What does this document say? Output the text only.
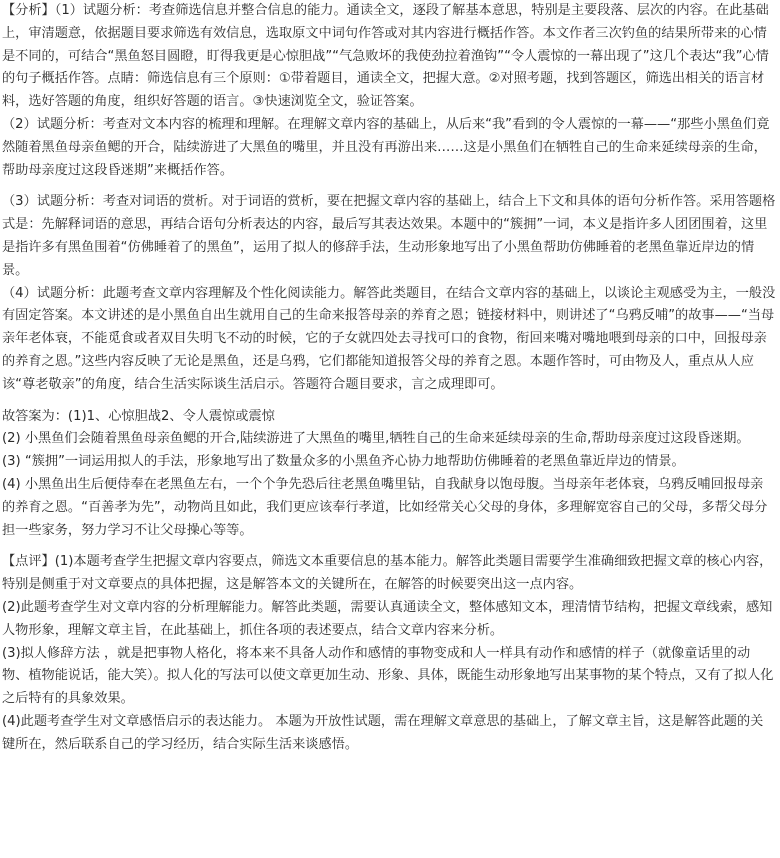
【分析】（1）试题分析：考查筛选信息并整合信息的能力。通读全文，逐段了解基本意思，特别是主要段落、层次的内容。在此基础上，审清题意，依据题目要求筛选有效信息，选取原文中词句作答或对其内容进行概括作答。本文作者三次钓鱼的结果所带来的心情是不同的，可结合“黑鱼怒目圆瞪，盯得我更是心惊胆战”“气急败坏的我使劲拉着渔钩”“令人震惊的一幕出现了”这几个表达“我”心情的句子概括作答。点睛：筛选信息有三个原则：①带着题目，通读全文，把握大意。②对照考题，找到答题区，筛选出相关的语言材料，选好答题的角度，组织好答题的语言。③快速浏览全文，验证答案。

（2）试题分析：考查对文本内容的梳理和理解。在理解文章内容的基础上，从后来“我”看到的令人震惊的一幕——“那些小黑鱼们竟然随着黑鱼母亲鱼鳃的开合，陆续游进了大黑鱼的嘴里，并且没有再游出来……这是小黑鱼们在牺牲自己的生命来延续母亲的生命，帮助母亲度过这段昏迷期”来概括作答。

（3）试题分析：考查对词语的赏析。对于词语的赏析，要在把握文章内容的基础上，结合上下文和具体的语句分析作答。采用答题格式是：先解释词语的意思，再结合语句分析表达的内容，最后写其表达效果。本题中的“簇拥”一词，本义是指许多人团团围着，这里是指许多有黑鱼围着“仿佛睡着了的黑鱼”，运用了拟人的修辞手法，生动形象地写出了小黑鱼帮助仿佛睡着的老黑鱼靠近岸边的情景。

（4）试题分析：此题考查文章内容理解及个性化阅读能力。解答此类题目，在结合文章内容的基础上，以谈论主观感受为主，一般没有固定答案。本文讲述的是小黑鱼自出生就用自己的生命来报答母亲的养育之恩；链接材料中，则讲述了“乌鸦反哺”的故事——“当母亲年老体衰，不能觅食或者双目失明飞不动的时候，它的子女就四处去寻找可口的食物，衔回来嘴对嘴地喂到母亲的口中，回报母亲的养育之恩。”这些内容反映了无论是黑鱼，还是乌鸦，它们都能知道报答父母的养育之恩。本题作答时，可由物及人，重点从人应该“尊老敬亲”的角度，结合生活实际谈生活启示。答题符合题目要求，言之成理即可。

故答案为：(1)1、心惊胆战2、令人震惊或震惊

(2) 小黑鱼们会随着黑鱼母亲鱼鳃的开合,陆续游进了大黑鱼的嘴里,牺牲自己的生命来延续母亲的生命,帮助母亲度过这段昏迷期。

(3) “簇拥”一词运用拟人的手法，形象地写出了数量众多的小黑鱼齐心协力地帮助仿佛睡着的老黑鱼靠近岸边的情景。

(4) 小黑鱼出生后便侍奉在老黑鱼左右，一个个争先恐后往老黑鱼嘴里钻，自我献身以饱母腹。当母亲年老体衰，乌鸦反哺回报母亲的养育之恩。“百善孝为先”，动物尚且如此，我们更应该奉行孝道，比如经常关心父母的身体，多理解宽容自己的父母，多帮父母分担一些家务，努力学习不让父母操心等等。

【点评】(1)本题考查学生把握文章内容要点，筛选文本重要信息的基本能力。解答此类题目需要学生准确细致把握文章的核心内容，特别是侧重于对文章要点的具体把握，这是解答本文的关键所在，在解答的时候要突出这一点内容。

(2)此题考查学生对文章内容的分析理解能力。解答此类题，需要认真通读全文，整体感知文本，理清情节结构，把握文章线索，感知人物形象，理解文章主旨，在此基础上，抓住各项的表述要点，结合文章内容来分析。

(3)拟人修辞方法 ，就是把事物人格化，将本来不具备人动作和感情的事物变成和人一样具有动作和感情的样子（就像童话里的动物、植物能说话，能大笑）。拟人化的写法可以使文章更加生动、形象、具体，既能生动形象地写出某事物的某个特点，又有了拟人化之后特有的具象效果。

(4)此题考查学生对文章感悟启示的表达能力。 本题为开放性试题，需在理解文章意思的基础上，了解文章主旨，这是解答此题的关键所在，然后联系自己的学习经历，结合实际生活来谈感悟。
